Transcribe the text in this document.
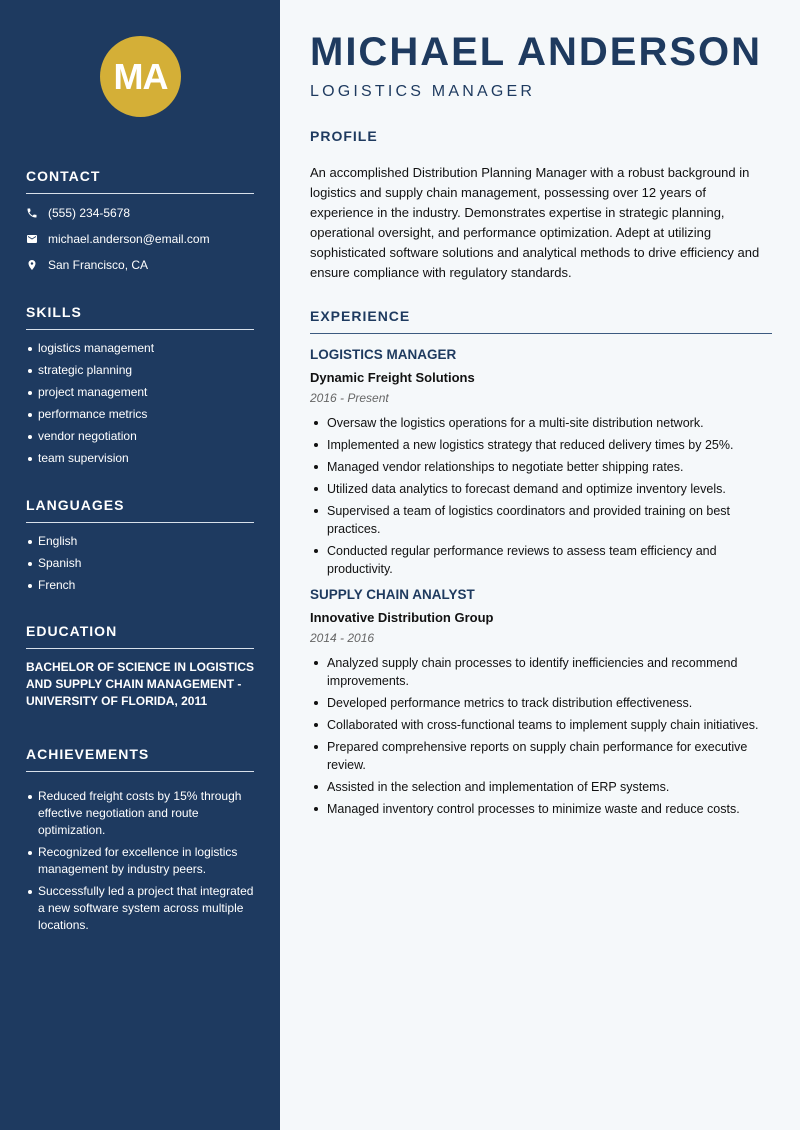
MA
CONTACT
(555) 234-5678
michael.anderson@email.com
San Francisco, CA
SKILLS
logistics management
strategic planning
project management
performance metrics
vendor negotiation
team supervision
LANGUAGES
English
Spanish
French
EDUCATION
BACHELOR OF SCIENCE IN LOGISTICS AND SUPPLY CHAIN MANAGEMENT - UNIVERSITY OF FLORIDA, 2011
ACHIEVEMENTS
Reduced freight costs by 15% through effective negotiation and route optimization.
Recognized for excellence in logistics management by industry peers.
Successfully led a project that integrated a new software system across multiple locations.
MICHAEL ANDERSON
LOGISTICS MANAGER
PROFILE
An accomplished Distribution Planning Manager with a robust background in logistics and supply chain management, possessing over 12 years of experience in the industry. Demonstrates expertise in strategic planning, operational oversight, and performance optimization. Adept at utilizing sophisticated software solutions and analytical methods to drive efficiency and ensure compliance with regulatory standards.
EXPERIENCE
LOGISTICS MANAGER
Dynamic Freight Solutions
2016 - Present
Oversaw the logistics operations for a multi-site distribution network.
Implemented a new logistics strategy that reduced delivery times by 25%.
Managed vendor relationships to negotiate better shipping rates.
Utilized data analytics to forecast demand and optimize inventory levels.
Supervised a team of logistics coordinators and provided training on best practices.
Conducted regular performance reviews to assess team efficiency and productivity.
SUPPLY CHAIN ANALYST
Innovative Distribution Group
2014 - 2016
Analyzed supply chain processes to identify inefficiencies and recommend improvements.
Developed performance metrics to track distribution effectiveness.
Collaborated with cross-functional teams to implement supply chain initiatives.
Prepared comprehensive reports on supply chain performance for executive review.
Assisted in the selection and implementation of ERP systems.
Managed inventory control processes to minimize waste and reduce costs.
